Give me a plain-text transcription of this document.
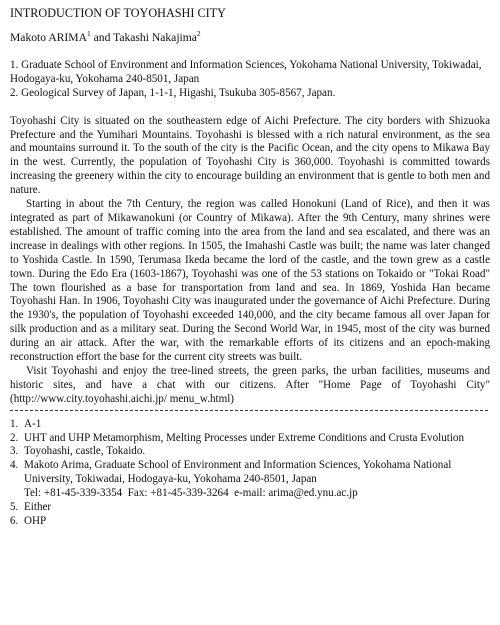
INTRODUCTION OF TOYOHASHI CITY
Makoto ARIMA$^1$ and Takashi Nakajima$^2$
1. Graduate School of Environment and Information Sciences, Yokohama National University, Tokiwadai, Hodogaya-ku, Yokohama 240-8501, Japan
2. Geological Survey of Japan, 1-1-1, Higashi, Tsukuba 305-8567, Japan.

Toyohashi City is situated on the southeastern edge of Aichi Prefecture. The city borders with Shizuoka Prefecture and the Yumihari Mountains. Toyohashi is blessed with a rich natural environment, as the sea and mountains surround it. To the south of the city is the Pacific Ocean, and the city opens to Mikawa Bay in the west. Currently, the population of Toyohashi City is 360,000. Toyohashi is committed towards increasing the greenery within the city to encourage building an environment that is gentle to both men and nature.

Starting in about the 7th Century, the region was called Honokuni (Land of Rice), and then it was integrated as part of Mikawanokuni (or Country of Mikawa). After the 9th Century, many shrines were established. The amount of traffic coming into the area from the land and sea escalated, and there was an increase in dealings with other regions. In 1505, the Imahashi Castle was built; the name was later changed to Yoshida Castle. In 1590, Terumasa Ikeda became the lord of the castle, and the town grew as a castle town. During the Edo Era (1603-1867), Toyohashi was one of the 53 stations on Tokaido or "Tokai Road" The town flourished as a base for transportation from land and sea. In 1869, Yoshida Han became Toyohashi Han. In 1906, Toyohashi City was inaugurated under the governance of Aichi Prefecture. During the 1930's, the population of Toyohashi exceeded 140,000, and the city became famous all over Japan for silk production and as a military seat. During the Second World War, in 1945, most of the city was burned during an air attack. After the war, with the remarkable efforts of its citizens and an epoch-making reconstruction effort the base for the current city streets was built.

Visit Toyohashi and enjoy the tree-lined streets, the green parks, the urban facilities, museums and historic sites, and have a chat with our citizens. After "Home Page of Toyohashi City"(http://www.city.toyohashi.aichi.jp/ menu_w.html)

1. A-1
2. UHT and UHP Metamorphism, Melting Processes under Extreme Conditions and Crusta Evolution
3. Toyohashi, castle, Tokaido.
4. Makoto Arima, Graduate School of Environment and Information Sciences, Yokohama National University, Tokiwadai, Hodogaya-ku, Yokohama 240-8501, Japan
Tel: +81-45-339-3354  Fax: +81-45-339-3264  e-mail: arima@ed.ynu.ac.jp
5. Either
6. OHP
